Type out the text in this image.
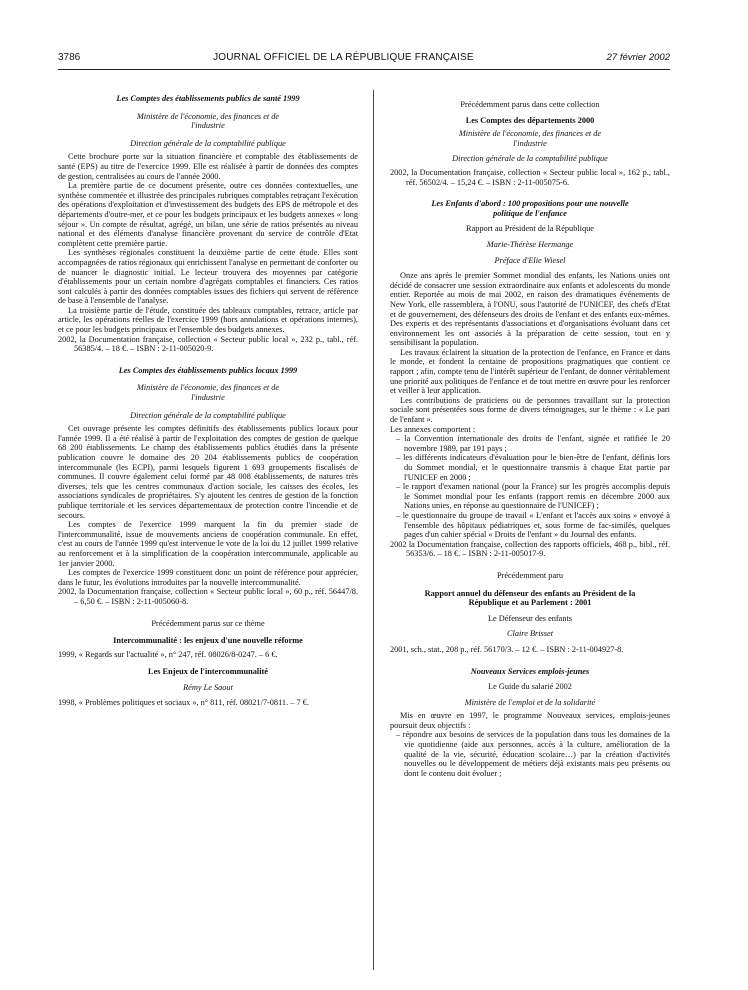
3786	JOURNAL OFFICIEL DE LA RÉPUBLIQUE FRANÇAISE	27 février 2002

Les Comptes des établissements publics de santé 1999

Ministère de l'économie, des finances et de l'industrie

Direction générale de la comptabilité publique

Cette brochure porte sur la situation financière et comptable des établissements de santé (EPS) au titre de l'exercice 1999. Elle est réalisée à partir de données des comptes de gestion, centralisées au cours de l'année 2000.

La première partie de ce document présente, outre ces données contextuelles, une synthèse commentée et illustrée des principales rubriques comptables retraçant l'exécution des opérations d'exploitation et d'investissement des budgets des EPS de métropole et des départements d'outre-mer, et ce pour les budgets principaux et les budgets annexes « long séjour ». Un compte de résultat, agrégé, un bilan, une série de ratios présentés au niveau national et des éléments d'analyse financière provenant du service de contrôle d'Etat complètent cette première partie.

Les synthèses régionales constituent la deuxième partie de cette étude. Elles sont accompagnées de ratios régionaux qui enrichissent l'analyse en permettant de conforter ou de nuancer le diagnostic initial. Le lecteur trouvera des moyennes par catégorie d'établissements pour un certain nombre d'agrégats comptables et financiers. Ces ratios sont calculés à partir des données comptables issues des fichiers qui servent de référence de base à l'ensemble de l'analyse.

La troisième partie de l'étude, constituée des tableaux comptables, retrace, article par article, les opérations réelles de l'exercice 1999 (hors annulations et opérations internes), et ce pour les budgets principaux et l'ensemble des budgets annexes.

2002, la Documentation française, collection « Secteur public local », 232 p., tabl., réf. 56385/4. – 18 €. – ISBN : 2-11-005020-9.

Les Comptes des établissements publics locaux 1999

Ministère de l'économie, des finances et de l'industrie

Direction générale de la comptabilité publique

Cet ouvrage présente les comptes définitifs des établissements publics locaux pour l'année 1999. Il a été réalisé à partir de l'exploitation des comptes de gestion de quelque 68 200 établissements. Le champ des établissements publics étudiés dans la présente publication couvre le domaine des 20 204 établissements publics de coopération intercommunale (les ECPI), parmi lesquels figurent 1 693 groupements fiscalisés de communes. Il couvre également celui formé par 48 008 établissements, de natures très diverses, tels que les centres communaux d'action sociale, les caisses des écoles, les associations syndicales de propriétaires. S'y ajoutent les centres de gestion de la fonction publique territoriale et les services départementaux de protection contre l'incendie et de secours.

Les comptes de l'exercice 1999 marquent la fin du premier stade de l'intercommunalité, issue de mouvements anciens de coopération communale. En effet, c'est au cours de l'année 1999 qu'est intervenue le vote de la loi du 12 juillet 1999 relative au renforcement et à la simplification de la coopération intercommunale, applicable au 1er janvier 2000.

Les comptes de l'exercice 1999 constituent donc un point de référence pour apprécier, dans le futur, les évolutions introduites par la nouvelle intercommunalité.

2002, la Documentation française, collection « Secteur public local », 60 p., réf. 56447/8. – 6,50 €. – ISBN : 2-11-005060-8.

Précédemment parus sur ce thème

Intercommunalité : les enjeux d'une nouvelle réforme

1999, « Regards sur l'actualité », n° 247, réf. 08026/8-0247. – 6 €.

Les Enjeux de l'intercommunalité

Rémy Le Saout

1998, « Problèmes politiques et sociaux », n° 811, réf. 08021/7-0811. – 7 €.

Précédemment parus dans cette collection

Les Comptes des départements 2000

Ministère de l'économie, des finances et de l'industrie

Direction générale de la comptabilité publique

2002, la Documentation française, collection « Secteur public local », 162 p., tabl., réf. 56502/4. – 15,24 €. – ISBN : 2-11-005075-6.

Les Enfants d'abord : 100 propositions pour une nouvelle politique de l'enfance

Rapport au Président de la République

Marie-Thérèse Hermange

Préface d'Elie Wiesel

Onze ans après le premier Sommet mondial des enfants, les Nations unies ont décidé de consacrer une session extraordinaire aux enfants et adolescents du monde entier. Reportée au mois de mai 2002, en raison des dramatiques événements de New York, elle rassemblera, à l'ONU, sous l'autorité de l'UNICEF, des chefs d'Etat et de gouvernement, des défenseurs des droits de l'enfant et des enfants eux-mêmes. Des experts et des représentants d'associations et d'organisations évoluant dans cet environnement les ont associés à la préparation de cette session, tout en y sensibilisant la population.

Les travaux éclairent la situation de la protection de l'enfance, en France et dans le monde, et fondent la centaine de propositions pragmatiques que contient ce rapport ; afin, compte tenu de l'intérêt supérieur de l'enfant, de donner véritablement une priorité aux politiques de l'enfance et de tout mettre en œuvre pour les renforcer et veiller à leur application.

Les contributions de praticiens ou de personnes travaillant sur la protection sociale sont présentées sous forme de divers témoignages, sur le thème : « Le pari de l'enfant ».

Les annexes comportent :

– la Convention internationale des droits de l'enfant, signée et ratifiée le 20 novembre 1989, par 191 pays ;

– les différents indicateurs d'évaluation pour le bien-être de l'enfant, définis lors du Sommet mondial, et le questionnaire transmis à chaque Etat partie par l'UNICEF en 2000 ;

– le rapport d'examen national (pour la France) sur les progrès accomplis depuis le Sommet mondial pour les enfants (rapport remis en décembre 2000 aux Nations unies, en réponse au questionnaire de l'UNICEF) ;

– le questionnaire du groupe de travail « L'enfant et l'accès aux soins » envoyé à l'ensemble des hôpitaux pédiatriques et, sous forme de fac-similés, quelques pages d'un cahier spécial « Droits de l'enfant » du Journal des enfants.

2002 la Documentation française, collection des rapports officiels, 468 p., bibl., réf. 56353/6. – 18 €. – ISBN : 2-11-005017-9.

Précédemment paru

Rapport annuel du défenseur des enfants au Président de la République et au Parlement : 2001

Le Défenseur des enfants

Claire Brisset

2001, sch., stat., 208 p., réf. 56170/3. – 12 €. – ISBN : 2-11-004927-8.

Nouveaux Services emplois-jeunes

Le Guide du salarié 2002

Ministère de l'emploi et de la solidarité

Mis en œuvre en 1997, le programme Nouveaux services, emplois-jeunes poursuit deux objectifs :

– répondre aux besoins de services de la population dans tous les domaines de la vie quotidienne (aide aux personnes, accès à la culture, amélioration de la qualité de la vie, sécurité, éducation scolaire…) par la création d'activités nouvelles ou le développement de métiers déjà existants mais peu présents ou dont le contenu doit évoluer ;
